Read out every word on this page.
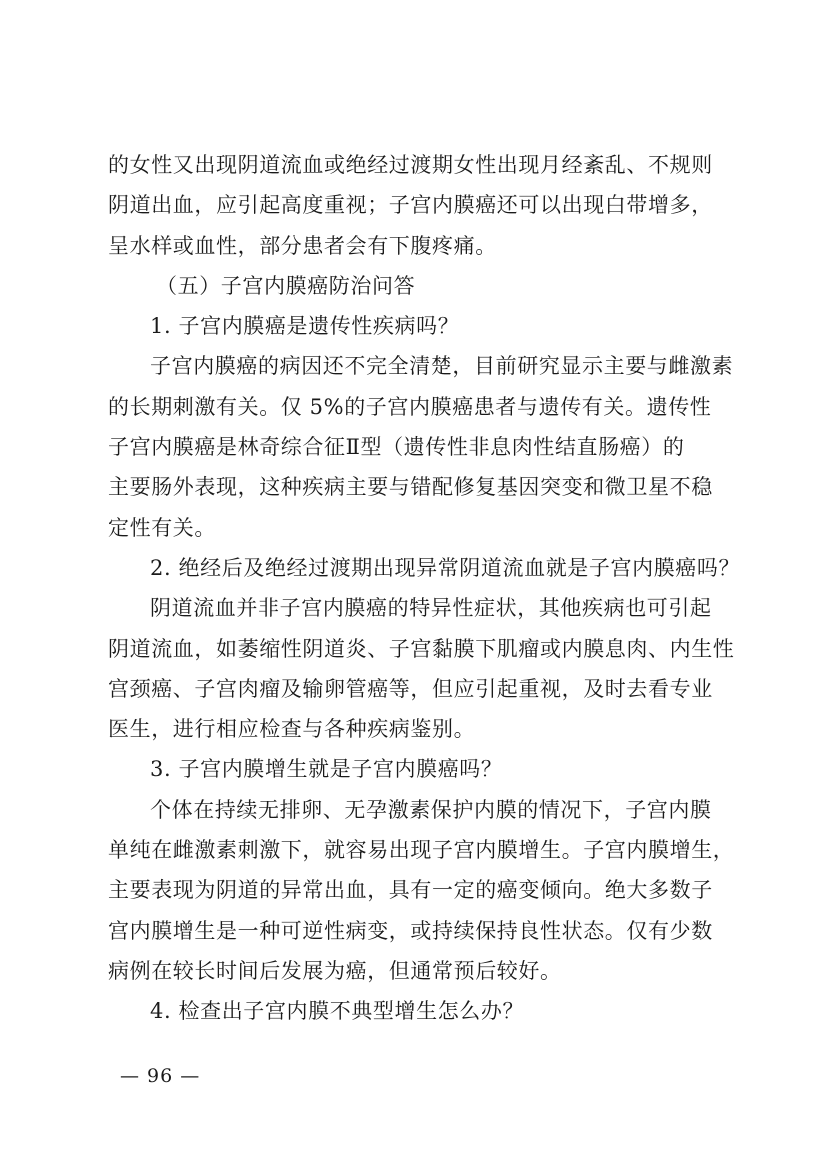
的女性又出现阴道流血或绝经过渡期女性出现月经紊乱、不规则
阴道出血，应引起高度重视；子宫内膜癌还可以出现白带增多，
呈水样或血性，部分患者会有下腹疼痛。
（五）子宫内膜癌防治问答
1. 子宫内膜癌是遗传性疾病吗？
子宫内膜癌的病因还不完全清楚，目前研究显示主要与雌激素
的长期刺激有关。仅 5%的子宫内膜癌患者与遗传有关。遗传性
子宫内膜癌是林奇综合征Ⅱ型（遗传性非息肉性结直肠癌）的
主要肠外表现，这种疾病主要与错配修复基因突变和微卫星不稳
定性有关。
2. 绝经后及绝经过渡期出现异常阴道流血就是子宫内膜癌吗？
阴道流血并非子宫内膜癌的特异性症状，其他疾病也可引起
阴道流血，如萎缩性阴道炎、子宫黏膜下肌瘤或内膜息肉、内生性
宫颈癌、子宫肉瘤及输卵管癌等，但应引起重视，及时去看专业
医生，进行相应检查与各种疾病鉴别。
3. 子宫内膜增生就是子宫内膜癌吗？
个体在持续无排卵、无孕激素保护内膜的情况下，子宫内膜
单纯在雌激素刺激下，就容易出现子宫内膜增生。子宫内膜增生，
主要表现为阴道的异常出血，具有一定的癌变倾向。绝大多数子
宫内膜增生是一种可逆性病变，或持续保持良性状态。仅有少数
病例在较长时间后发展为癌，但通常预后较好。
4. 检查出子宫内膜不典型增生怎么办？
— 96 —
